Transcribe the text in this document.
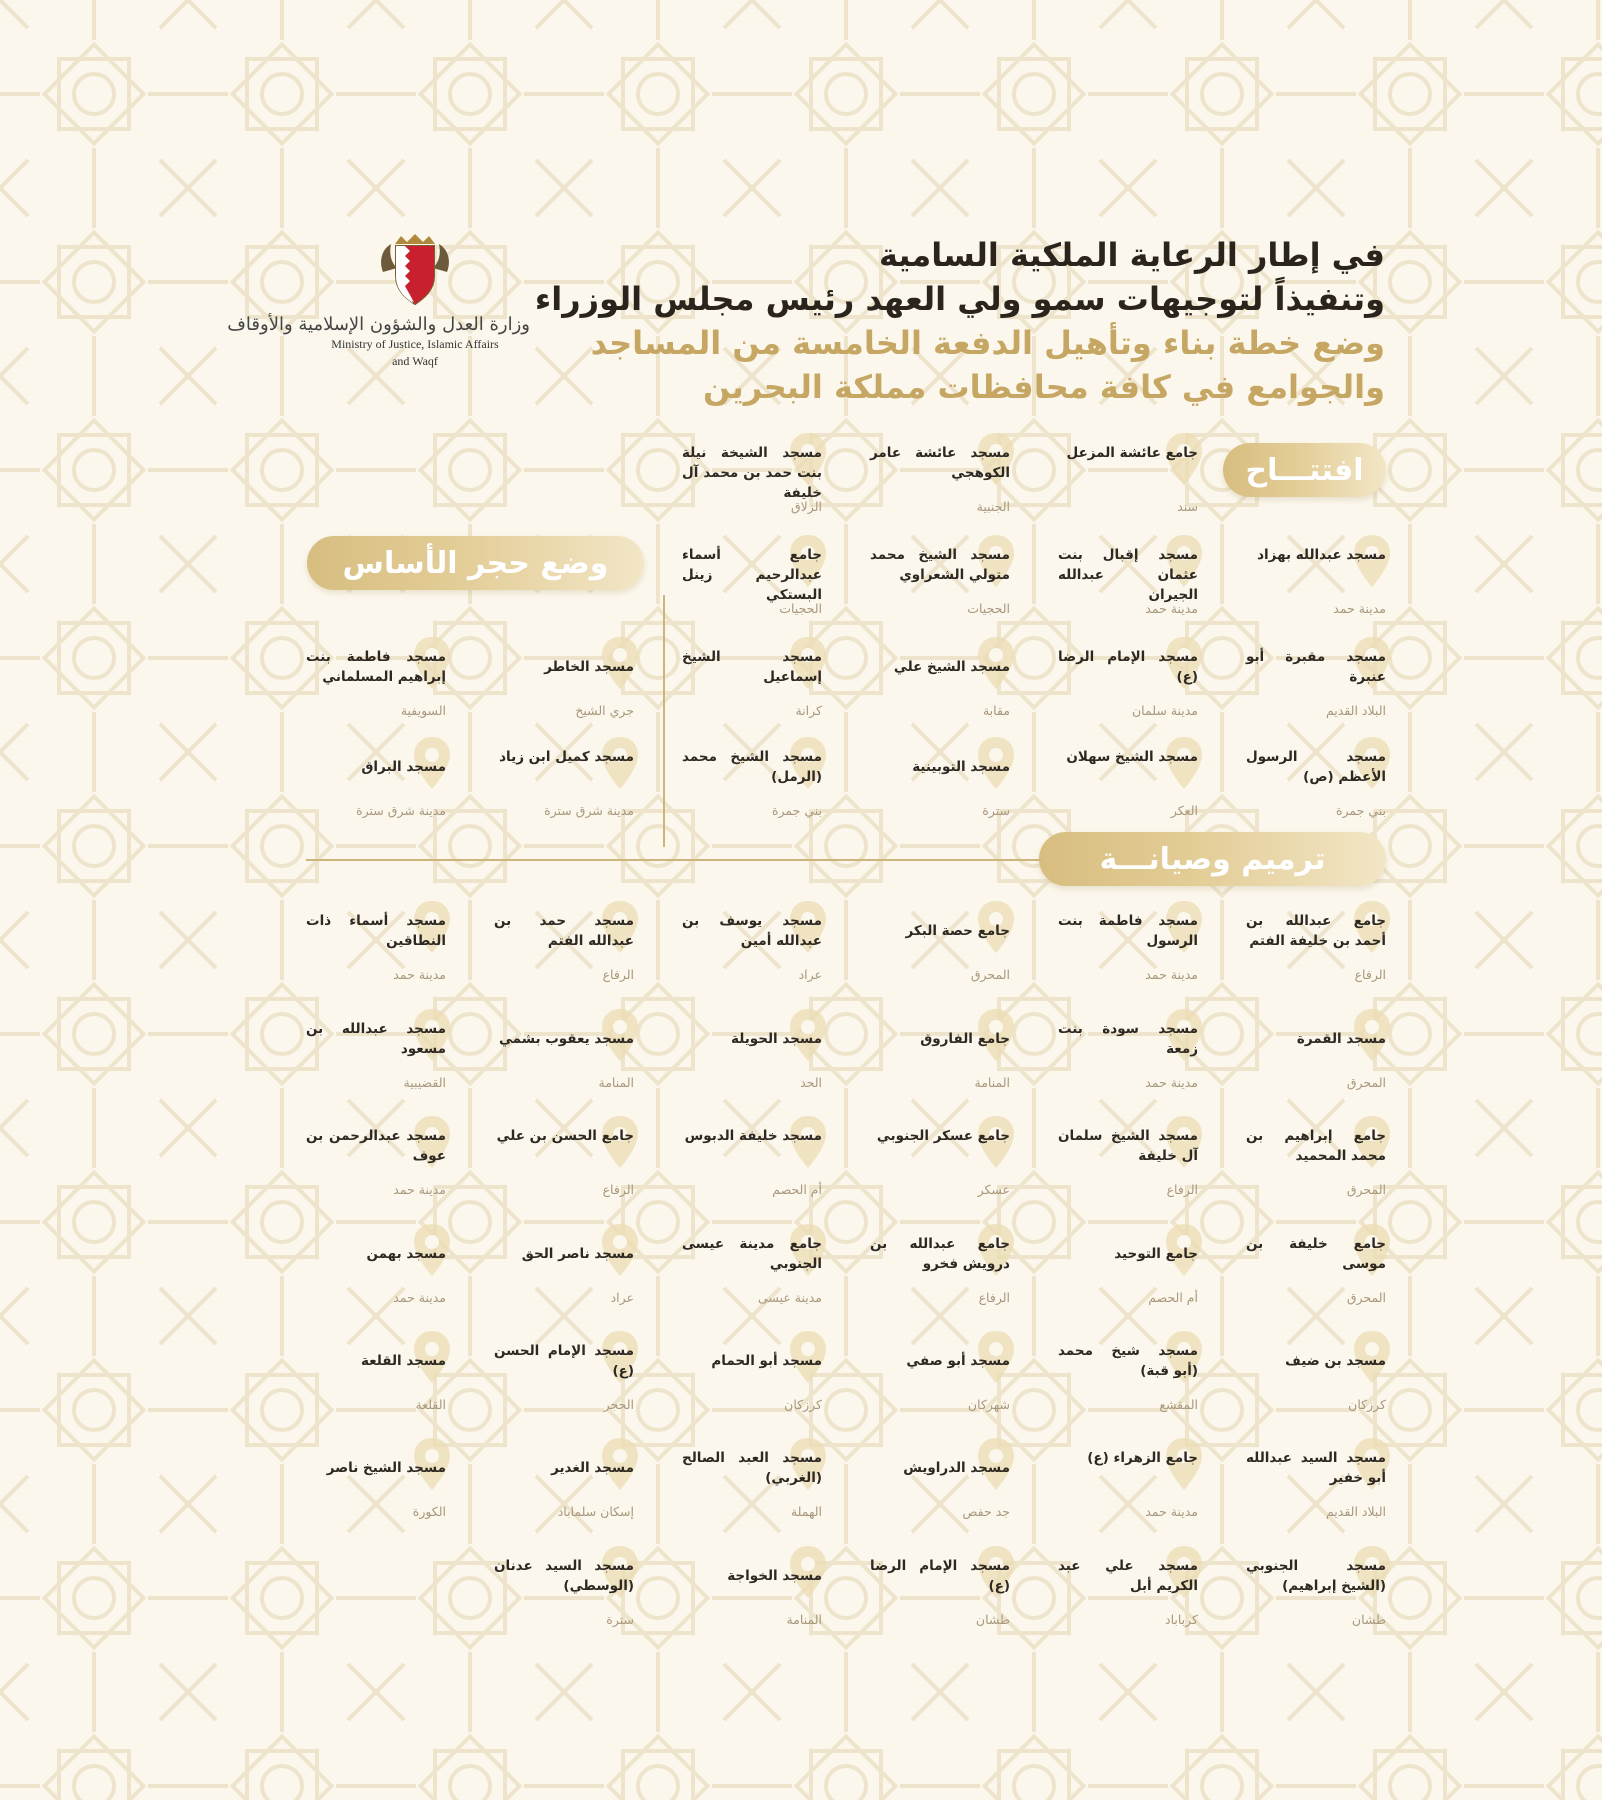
في إطار الرعاية الملكية السامية
وتنفيذاً لتوجيهات سمو ولي العهد رئيس مجلس الوزراء
وضع خطة بناء وتأهيل الدفعة الخامسة من المساجد
والجوامع في كافة محافظات مملكة البحرين
وزارة العدل والشؤون الإسلامية والأوقاف
Ministry of Justice, Islamic Affairs
and Waqf
افتتـــاح
وضع حجر الأساس
ترميم وصيانـــة
جامع عائشة المزعل
سند
مسجد عائشة عامر الكوهجي
الجنبية
مسجد الشيخة نيلة بنت حمد بن محمد آل خليفة
الزلاق
مسجد عبدالله بهزاد
مدينة حمد
مسجد إقبال بنت عثمان عبدالله الجيران
مدينة حمد
مسجد الشيخ محمد متولي الشعراوي
الحجيات
جامع أسماء عبدالرحيم زينل البستكي
الحجيات
مسجد مقبرة أبو عنبرة
البلاد القديم
مسجد الإمام الرضا (ع)
مدينة سلمان
مسجد الشيخ علي
مقابة
مسجد الشيخ إسماعيل
كرانة
مسجد الرسول الأعظم (ص)
بني جمرة
مسجد الشيخ سهلان
العكر
مسجد التوبينية
سترة
مسجد الشيخ محمد (الرمل)
بني جمرة
مسجد الخاطر
جري الشيخ
مسجد فاطمة بنت إبراهيم المسلماني
السويفية
مسجد كميل ابن زياد
مدينة شرق سترة
مسجد البراق
مدينة شرق سترة
جامع عبدالله بن أحمد بن خليفة الفتم
الرفاع
مسجد فاطمة بنت الرسول
مدينة حمد
جامع حصة البكر
المحرق
مسجد يوسف بن عبدالله أمين
عراد
مسجد حمد بن عبدالله الفتم
الرفاع
مسجد أسماء ذات النطاقين
مدينة حمد
مسجد القمرة
المحرق
مسجد سودة بنت زمعة
مدينة حمد
جامع الفاروق
المنامة
مسجد الحويلة
الحد
مسجد يعقوب بشمي
المنامة
مسجد عبدالله بن مسعود
القضيبية
جامع إبراهيم بن محمد المحميد
المحرق
مسجد الشيخ سلمان آل خليفة
الرفاع
جامع عسكر الجنوبي
عسكر
مسجد خليفة الدبوس
أم الحصم
جامع الحسن بن علي
الرفاع
مسجد عبدالرحمن بن عوف
مدينة حمد
جامع خليفة بن موسى
المحرق
جامع التوحيد
أم الحصم
جامع عبدالله بن درويش فخرو
الرفاع
جامع مدينة عيسى الجنوبي
مدينة عيسى
مسجد ناصر الحق
عراد
مسجد بهمن
مدينة حمد
مسجد بن ضيف
كرزكان
مسجد شيخ محمد (أبو قبة)
المقشع
مسجد أبو صفي
شهركان
مسجد أبو الحمام
كرزكان
مسجد الإمام الحسن (ع)
الحجر
مسجد القلعة
القلعة
مسجد السيد عبدالله أبو خفير
البلاد القديم
جامع الزهراء (ع)
مدينة حمد
مسجد الدراويش
جد حفص
مسجد العبد الصالح (الغربي)
الهملة
مسجد الغدير
إسكان سلماباد
مسجد الشيخ ناصر
الكورة
مسجد الجنوبي (الشيخ إبراهيم)
طشان
مسجد علي عبد الكريم أبل
كرباباد
مسجد الإمام الرضا (ع)
طشان
مسجد الخواجة
المنامة
مسجد السيد عدنان (الوسطي)
سترة
